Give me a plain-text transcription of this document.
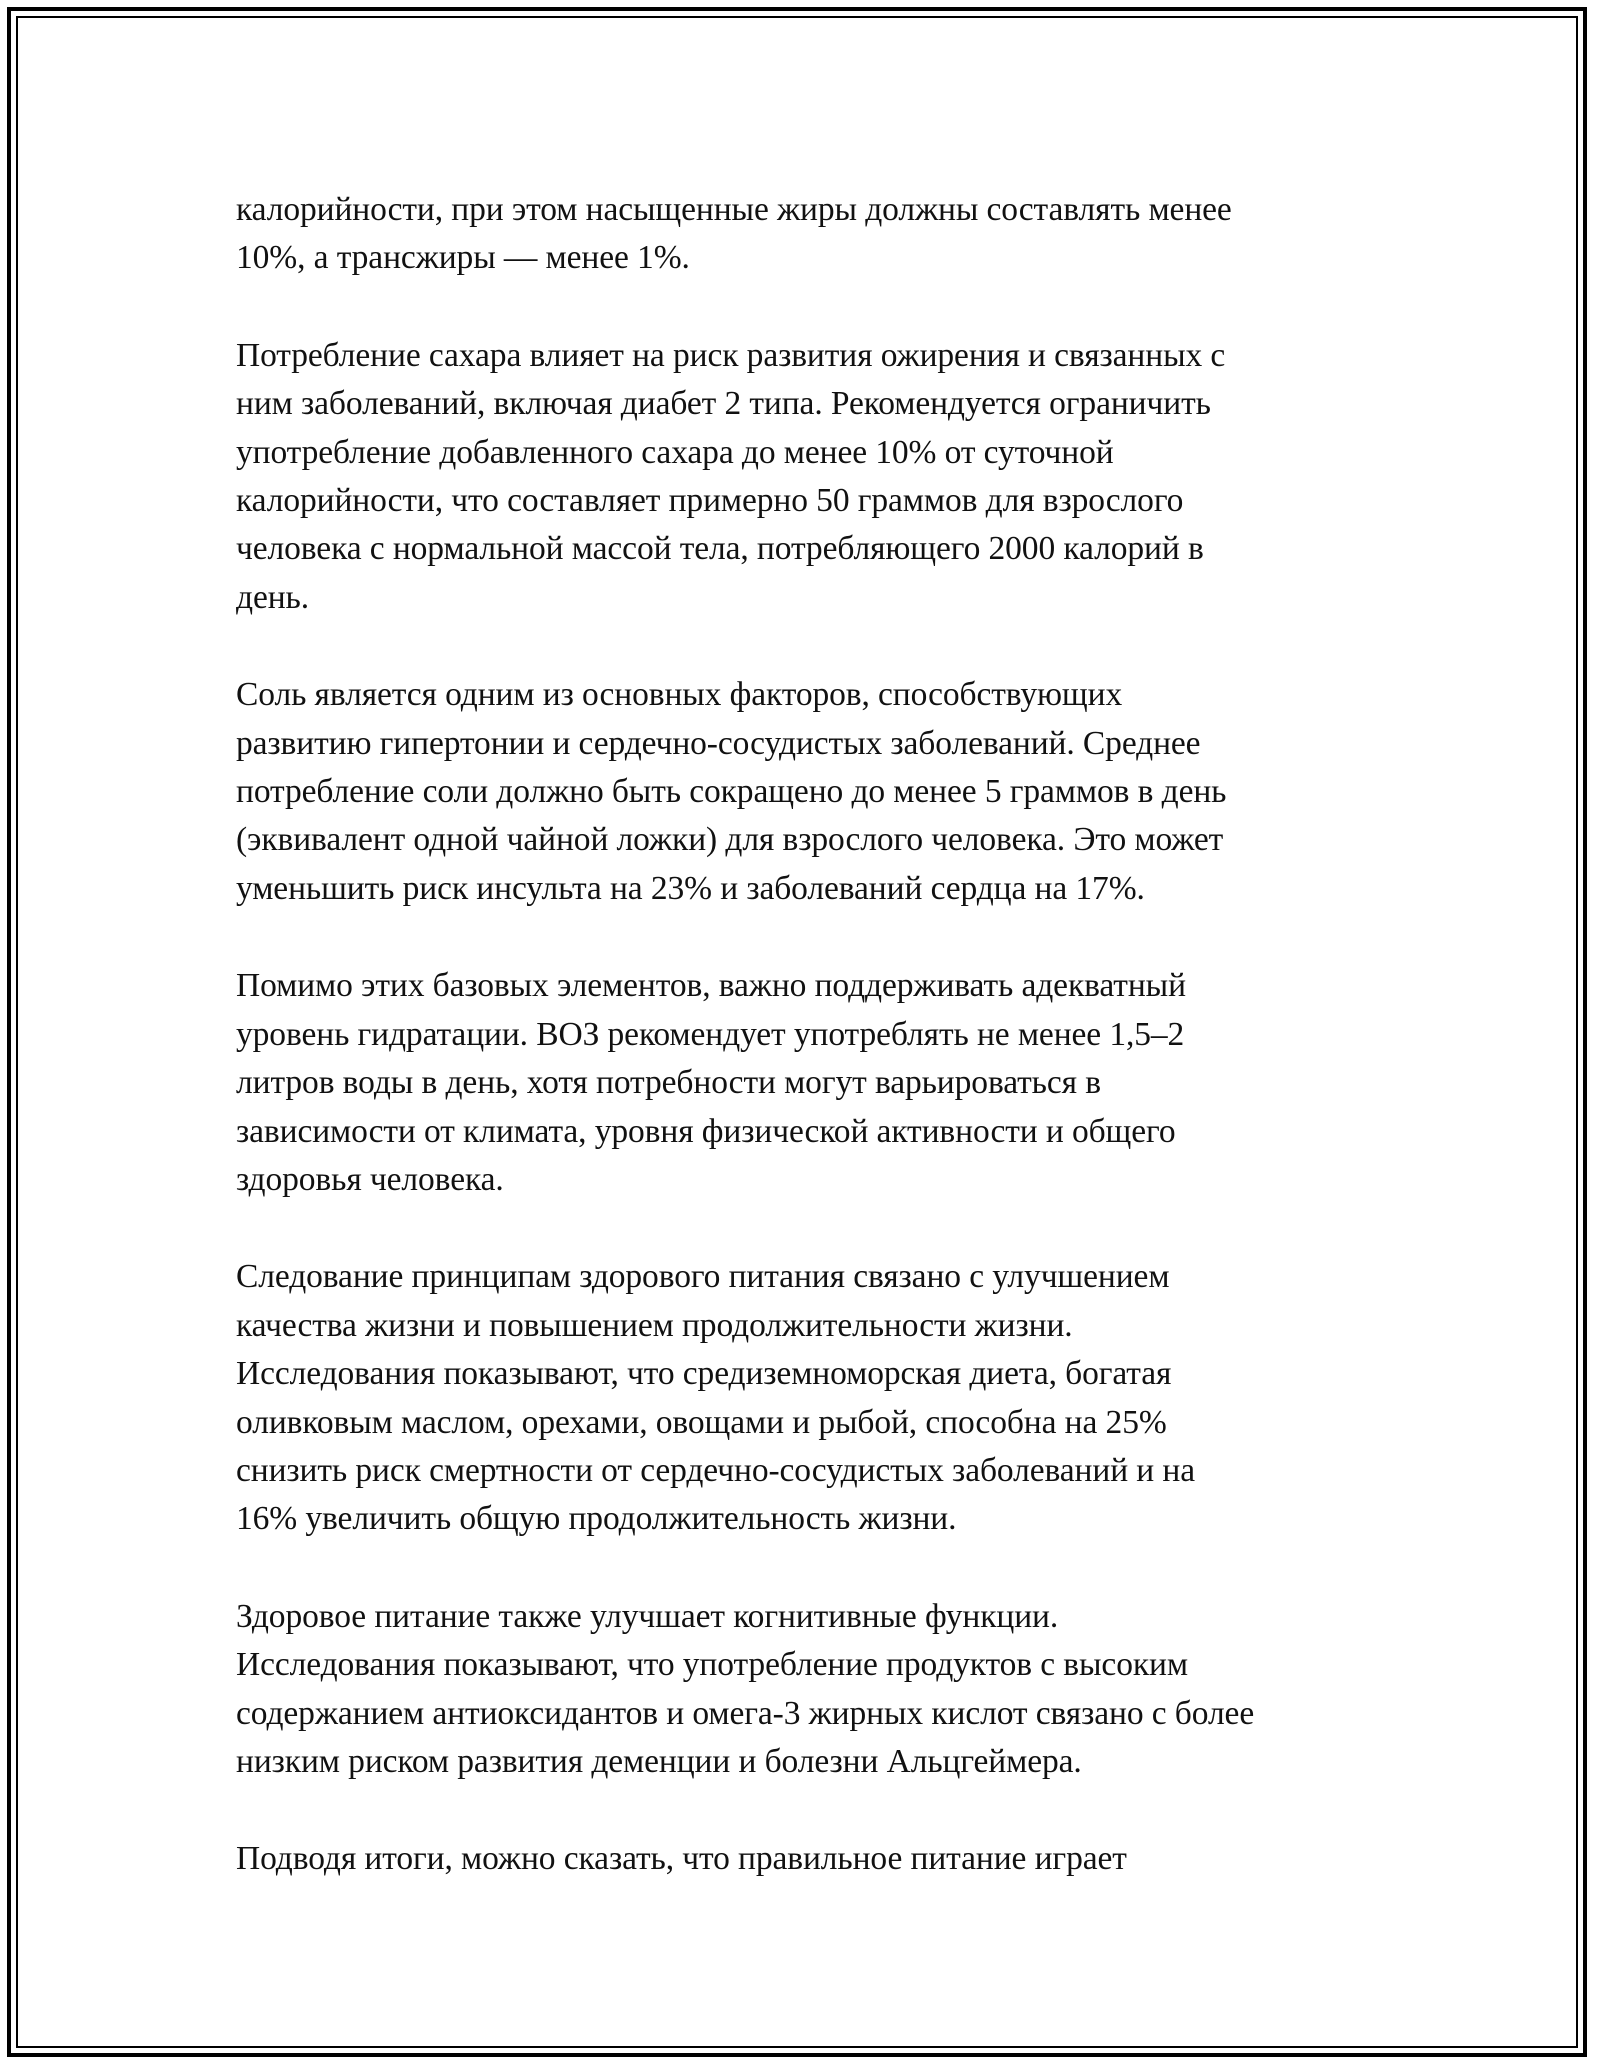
калорийности, при этом насыщенные жиры должны составлять менее
10%, а трансжиры — менее 1%.

Потребление сахара влияет на риск развития ожирения и связанных с
ним заболеваний, включая диабет 2 типа. Рекомендуется ограничить
употребление добавленного сахара до менее 10% от суточной
калорийности, что составляет примерно 50 граммов для взрослого
человека с нормальной массой тела, потребляющего 2000 калорий в
день.

Соль является одним из основных факторов, способствующих
развитию гипертонии и сердечно-сосудистых заболеваний. Среднее
потребление соли должно быть сокращено до менее 5 граммов в день
(эквивалент одной чайной ложки) для взрослого человека. Это может
уменьшить риск инсульта на 23% и заболеваний сердца на 17%.

Помимо этих базовых элементов, важно поддерживать адекватный
уровень гидратации. ВОЗ рекомендует употреблять не менее 1,5–2
литров воды в день, хотя потребности могут варьироваться в
зависимости от климата, уровня физической активности и общего
здоровья человека.

Следование принципам здорового питания связано с улучшением
качества жизни и повышением продолжительности жизни.
Исследования показывают, что средиземноморская диета, богатая
оливковым маслом, орехами, овощами и рыбой, способна на 25%
снизить риск смертности от сердечно-сосудистых заболеваний и на
16% увеличить общую продолжительность жизни.

Здоровое питание также улучшает когнитивные функции.
Исследования показывают, что употребление продуктов с высоким
содержанием антиоксидантов и омега-3 жирных кислот связано с более
низким риском развития деменции и болезни Альцгеймера.

Подводя итоги, можно сказать, что правильное питание играет
